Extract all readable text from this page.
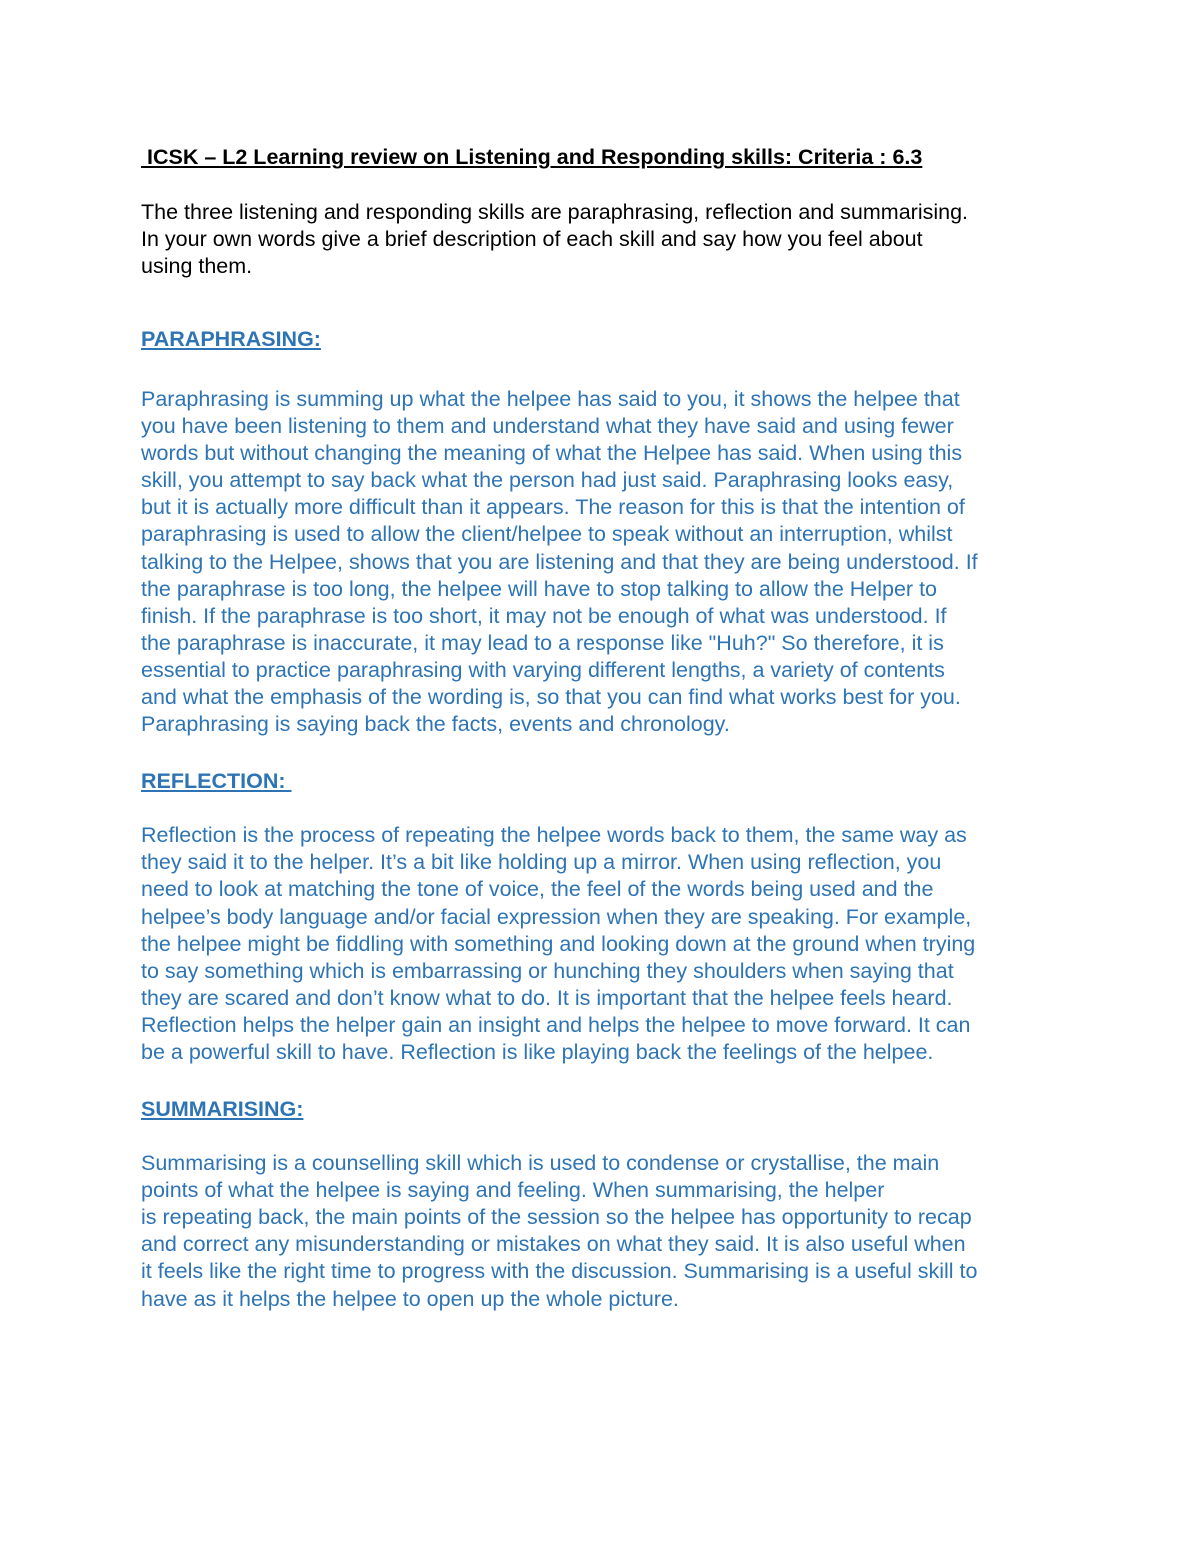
ICSK – L2 Learning review on Listening and Responding skills: Criteria : 6.3

The three listening and responding skills are paraphrasing, reflection and summarising.
In your own words give a brief description of each skill and say how you feel about
using them.

PARAPHRASING:

Paraphrasing is summing up what the helpee has said to you, it shows the helpee that
you have been listening to them and understand what they have said and using fewer
words but without changing the meaning of what the Helpee has said. When using this
skill, you attempt to say back what the person had just said. Paraphrasing looks easy,
but it is actually more difficult than it appears. The reason for this is that the intention of
paraphrasing is used to allow the client/helpee to speak without an interruption, whilst
talking to the Helpee, shows that you are listening and that they are being understood. If
the paraphrase is too long, the helpee will have to stop talking to allow the Helper to
finish. If the paraphrase is too short, it may not be enough of what was understood. If
the paraphrase is inaccurate, it may lead to a response like "Huh?" So therefore, it is
essential to practice paraphrasing with varying different lengths, a variety of contents
and what the emphasis of the wording is, so that you can find what works best for you.
Paraphrasing is saying back the facts, events and chronology.

REFLECTION:

Reflection is the process of repeating the helpee words back to them, the same way as
they said it to the helper. It’s a bit like holding up a mirror. When using reflection, you
need to look at matching the tone of voice, the feel of the words being used and the
helpee’s body language and/or facial expression when they are speaking. For example,
the helpee might be fiddling with something and looking down at the ground when trying
to say something which is embarrassing or hunching they shoulders when saying that
they are scared and don’t know what to do. It is important that the helpee feels heard.
Reflection helps the helper gain an insight and helps the helpee to move forward. It can
be a powerful skill to have. Reflection is like playing back the feelings of the helpee.

SUMMARISING:

Summarising is a counselling skill which is used to condense or crystallise, the main
points of what the helpee is saying and feeling. When summarising, the helper
is repeating back, the main points of the session so the helpee has opportunity to recap
and correct any misunderstanding or mistakes on what they said. It is also useful when
it feels like the right time to progress with the discussion. Summarising is a useful skill to
have as it helps the helpee to open up the whole picture.
